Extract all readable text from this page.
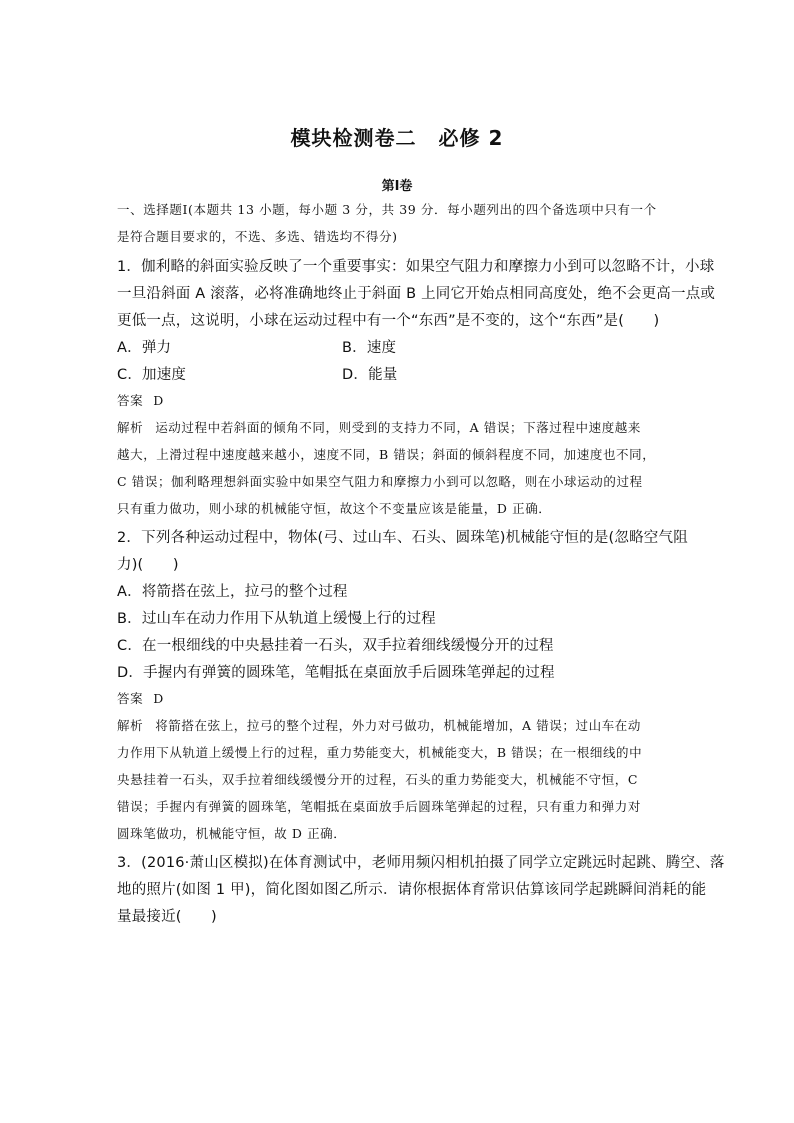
模块检测卷二 必修 2
第Ⅰ卷
一、选择题Ⅰ(本题共 13 小题，每小题 3 分，共 39 分．每小题列出的四个备选项中只有一个
是符合题目要求的，不选、多选、错选均不得分)
1．伽利略的斜面实验反映了一个重要事实：如果空气阻力和摩擦力小到可以忽略不计，小球
一旦沿斜面 A 滚落，必将准确地终止于斜面 B 上同它开始点相同高度处，绝不会更高一点或
更低一点，这说明，小球在运动过程中有一个“东西”是不变的，这个“东西”是(　　)
A．弹力	B．速度
C．加速度	D．能量
答案 D
解析 运动过程中若斜面的倾角不同，则受到的支持力不同，A 错误；下落过程中速度越来
越大，上滑过程中速度越来越小，速度不同，B 错误；斜面的倾斜程度不同，加速度也不同，
C 错误；伽利略理想斜面实验中如果空气阻力和摩擦力小到可以忽略，则在小球运动的过程
只有重力做功，则小球的机械能守恒，故这个不变量应该是能量，D 正确．
2．下列各种运动过程中，物体(弓、过山车、石头、圆珠笔)机械能守恒的是(忽略空气阻
力)(　　)
A．将箭搭在弦上，拉弓的整个过程
B．过山车在动力作用下从轨道上缓慢上行的过程
C．在一根细线的中央悬挂着一石头，双手拉着细线缓慢分开的过程
D．手握内有弹簧的圆珠笔，笔帽抵在桌面放手后圆珠笔弹起的过程
答案 D
解析 将箭搭在弦上，拉弓的整个过程，外力对弓做功，机械能增加，A 错误；过山车在动
力作用下从轨道上缓慢上行的过程，重力势能变大，机械能变大，B 错误；在一根细线的中
央悬挂着一石头，双手拉着细线缓慢分开的过程，石头的重力势能变大，机械能不守恒，C
错误；手握内有弹簧的圆珠笔，笔帽抵在桌面放手后圆珠笔弹起的过程，只有重力和弹力对
圆珠笔做功，机械能守恒，故 D 正确．
3．(2016·萧山区模拟)在体育测试中，老师用频闪相机拍摄了同学立定跳远时起跳、腾空、落
地的照片(如图 1 甲)，简化图如图乙所示．请你根据体育常识估算该同学起跳瞬间消耗的能
量最接近(　　)
